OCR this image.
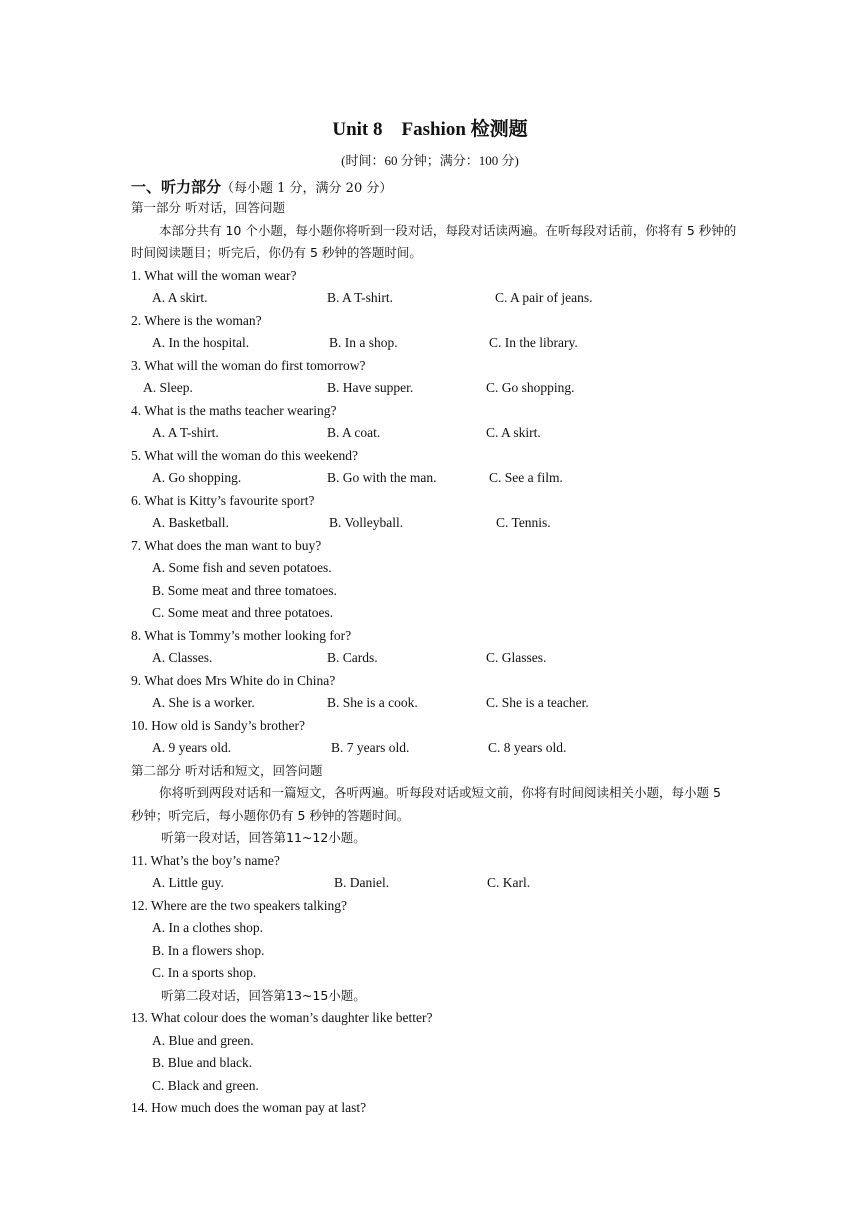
Unit 8　Fashion 检测题
(时间：60 分钟；满分：100 分)
一、听力部分（每小题 1 分，满分 20 分）
第一部分 听对话，回答问题
本部分共有 10 个小题，每小题你将听到一段对话，每段对话读两遍。在听每段对话前，你将有 5 秒钟的时间阅读题目；听完后，你仍有 5 秒钟的答题时间。
1. What will the woman wear?
A. A skirt.	B. A T-shirt.	C. A pair of jeans.
2. Where is the woman?
A. In the hospital.	B. In a shop.	C. In the library.
3. What will the woman do first tomorrow?
A. Sleep.	B. Have supper.	C. Go shopping.
4. What is the maths teacher wearing?
A. A T-shirt.	B. A coat.	C. A skirt.
5. What will the woman do this weekend?
A. Go shopping.	B. Go with the man.	C. See a film.
6. What is Kitty’s favourite sport?
A. Basketball.	B. Volleyball.	C. Tennis.
7. What does the man want to buy?
A. Some fish and seven potatoes.
B. Some meat and three tomatoes.
C. Some meat and three potatoes.
8. What is Tommy’s mother looking for?
A. Classes.	B. Cards.	C. Glasses.
9. What does Mrs White do in China?
A. She is a worker.	B. She is a cook.	C. She is a teacher.
10. How old is Sandy’s brother?
A. 9 years old.	B. 7 years old.	C. 8 years old.
第二部分 听对话和短文，回答问题
你将听到两段对话和一篇短文，各听两遍。听每段对话或短文前，你将有时间阅读相关小题，每小题 5 秒钟；听完后，每小题你仍有 5 秒钟的答题时间。
听第一段对话，回答第11~12小题。
11. What’s the boy’s name?
A. Little guy.	B. Daniel.	C. Karl.
12. Where are the two speakers talking?
A. In a clothes shop.
B. In a flowers shop.
C. In a sports shop.
听第二段对话，回答第13~15小题。
13. What colour does the woman’s daughter like better?
A. Blue and green.
B. Blue and black.
C. Black and green.
14. How much does the woman pay at last?
